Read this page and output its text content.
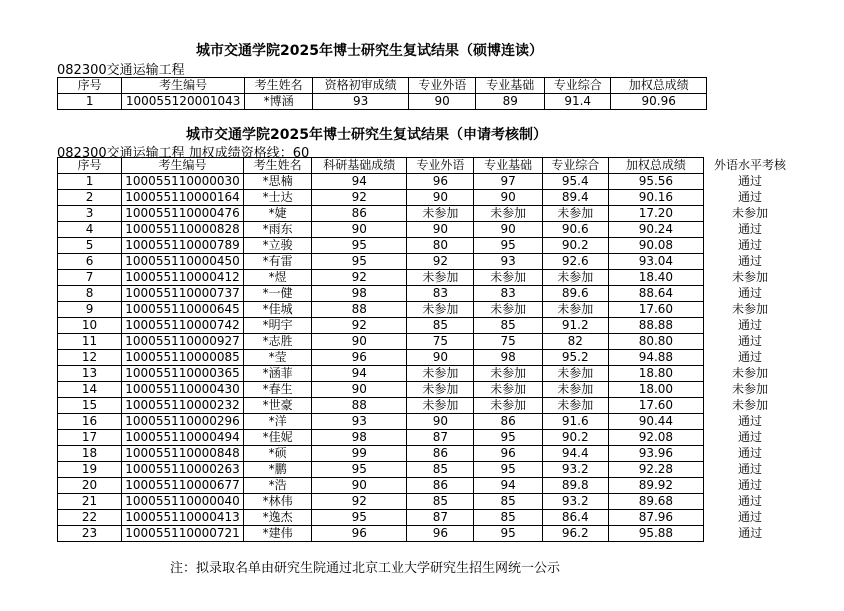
城市交通学院2025年博士研究生复试结果（硕博连读）
082300交通运输工程
序号	考生编号	考生姓名	资格初审成绩	专业外语	专业基础	专业综合	加权总成绩
1	100055120001043	*博涵	93	90	89	91.4	90.96
城市交通学院2025年博士研究生复试结果（申请考核制）
082300交通运输工程 加权成绩资格线：60
序号	考生编号	考生姓名	科研基础成绩	专业外语	专业基础	专业综合	加权总成绩	外语水平考核
1	100055110000030	*思楠	94	96	97	95.4	95.56	通过
2	100055110000164	*士达	92	90	90	89.4	90.16	通过
3	100055110000476	*婕	86	未参加	未参加	未参加	17.20	未参加
4	100055110000828	*雨东	90	90	90	90.6	90.24	通过
5	100055110000789	*立骏	95	80	95	90.2	90.08	通过
6	100055110000450	*有雷	95	92	93	92.6	93.04	通过
7	100055110000412	*煜	92	未参加	未参加	未参加	18.40	未参加
8	100055110000737	*一健	98	83	83	89.6	88.64	通过
9	100055110000645	*佳城	88	未参加	未参加	未参加	17.60	未参加
10	100055110000742	*明宇	92	85	85	91.2	88.88	通过
11	100055110000927	*志胜	90	75	75	82	80.80	通过
12	100055110000085	*莹	96	90	98	95.2	94.88	通过
13	100055110000365	*涵菲	94	未参加	未参加	未参加	18.80	未参加
14	100055110000430	*春生	90	未参加	未参加	未参加	18.00	未参加
15	100055110000232	*世豪	88	未参加	未参加	未参加	17.60	未参加
16	100055110000296	*洋	93	90	86	91.6	90.44	通过
17	100055110000494	*佳妮	98	87	95	90.2	92.08	通过
18	100055110000848	*硕	99	86	96	94.4	93.96	通过
19	100055110000263	*鹏	95	85	95	93.2	92.28	通过
20	100055110000677	*浩	90	86	94	89.8	89.92	通过
21	100055110000040	*林伟	92	85	85	93.2	89.68	通过
22	100055110000413	*逸杰	95	87	85	86.4	87.96	通过
23	100055110000721	*建伟	96	96	95	96.2	95.88	通过
注：拟录取名单由研究生院通过北京工业大学研究生招生网统一公示
